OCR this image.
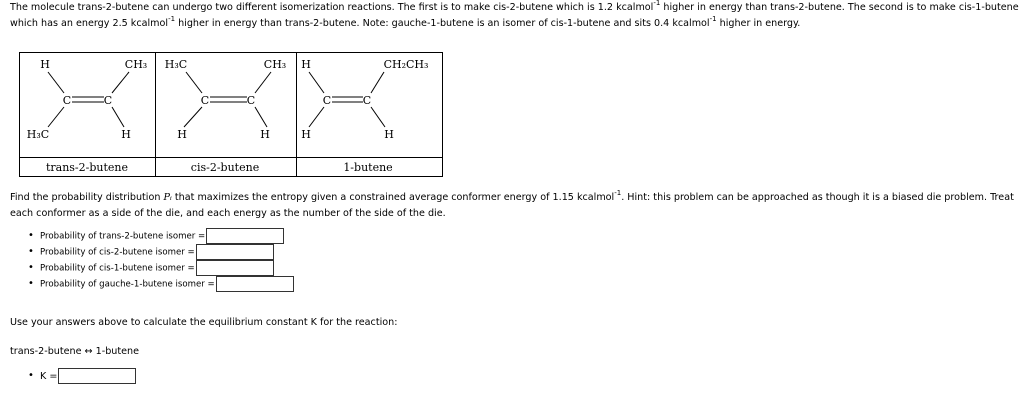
The molecule trans-2-butene can undergo two different isomerization reactions. The first is to make cis-2-butene which is 1.2 kcalmol$^{-1}$ higher in energy than trans-2-butene. The second is to make cis-1-butene which has an energy 2.5 kcalmol$^{-1}$ higher in energy than trans-2-butene. Note: gauche-1-butene is an isomer of cis-1-butene and sits 0.4 kcalmol$^{-1}$ higher in energy.
H	CH₃
C	C
H₃C	H
trans-2-butene
H₃C	CH₃
C	C
H	H
cis-2-butene
H	CH₂CH₃
C	C
H	H
1-butene
Find the probability distribution Pᵢ that maximizes the entropy given a constrained average conformer energy of 1.15 kcalmol$^{-1}$. Hint: this problem can be approached as though it is a biased die problem. Treat each conformer as a side of the die, and each energy as the number of the side of the die.
• Probability of trans-2-butene isomer =
• Probability of cis-2-butene isomer =
• Probability of cis-1-butene isomer =
• Probability of gauche-1-butene isomer =
Use your answers above to calculate the equilibrium constant K for the reaction:
trans-2-butene ↔ 1-butene
• K =
